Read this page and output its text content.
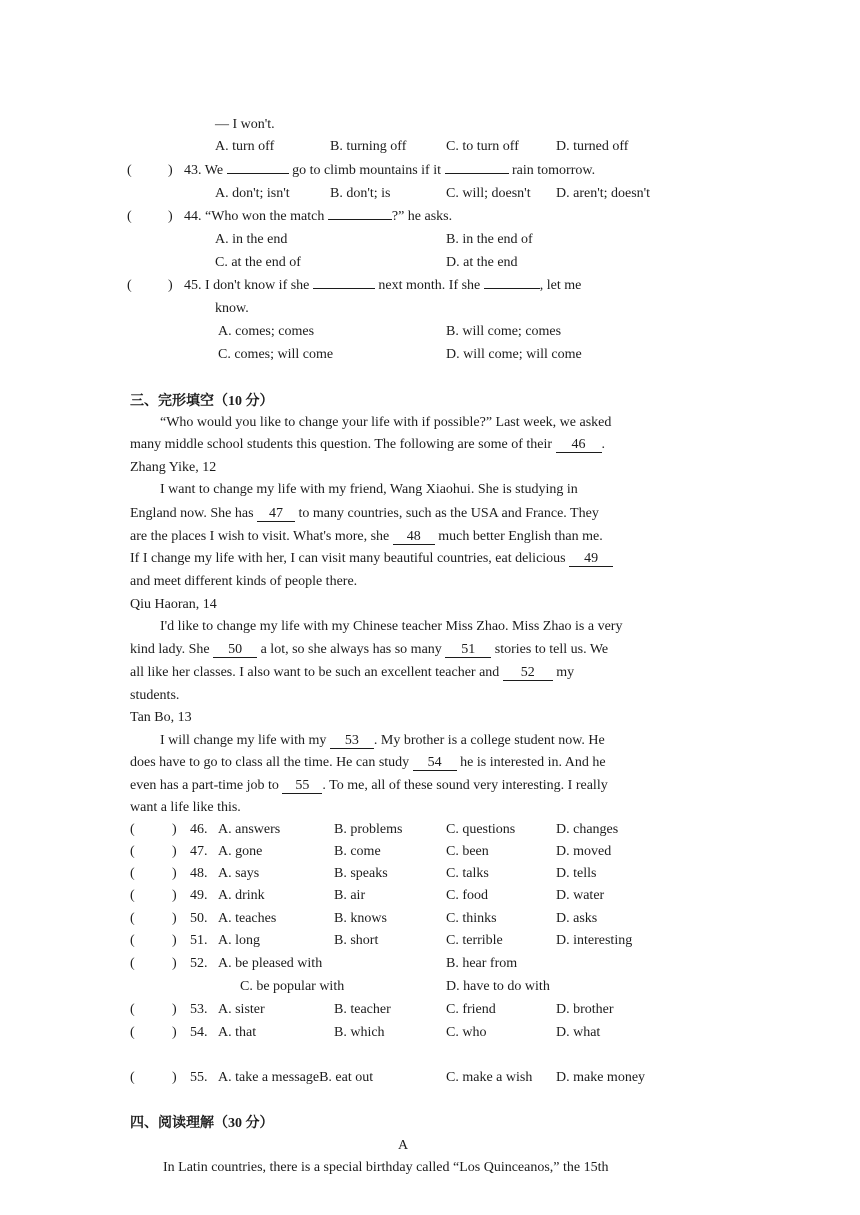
— I won't.
A. turn off	B. turning off	C. to turn off	D. turned off
(	) 43. We	go to climb mountains if it	rain tomorrow.
A. don't; isn't	B. don't; is	C. will; doesn't D. aren't; doesn't
(	) 44. “Who won the match	?” he asks.
A. in the end	B. in the end of
C. at the end of	D. at the end
(	) 45. I don't know if she	next month. If she	, let me
know.
A. comes; comes	B. will come; comes
C. comes; will come	D. will come; will come
三、完形填空（10 分）
“Who would you like to change your life with if possible?” Last week, we asked
many middle school students this question. The following are some of their 46 .
Zhang Yike, 12
I want to change my life with my friend, Wang Xiaohui. She is studying in
England now. She has 47 to many countries, such as the USA and France. They
are the places I wish to visit. What's more, she 48 much better English than me.
If I change my life with her, I can visit many beautiful countries, eat delicious 49
and meet different kinds of people there.
Qiu Haoran, 14
I'd like to change my life with my Chinese teacher Miss Zhao. Miss Zhao is a very
kind lady. She 50 a lot, so she always has so many 51 stories to tell us. We
all like her classes. I also want to be such an excellent teacher and 52 my
students.
Tan Bo, 13
I will change my life with my 53 . My brother is a college student now. He
does have to go to class all the time. He can study 54 he is interested in. And he
even has a part-time job to 55 . To me, all of these sound very interesting. I really
want a life like this.
(	) 46. A. answers	B. problems	C. questions	D. changes
(	) 47. A. gone	B. come	C. been	D. moved
(	) 48. A. says	B. speaks	C. talks	D. tells
(	) 49. A. drink	B. air	C. food	D. water
(	) 50. A. teaches	B. knows	C. thinks	D. asks
(	) 51. A. long	B. short	C. terrible	D. interesting
(	) 52. A. be pleased with	B. hear from
C. be popular with	D. have to do with
(	) 53. A. sister	B. teacher	C. friend	D. brother
(	) 54. A. that	B. which	C. who	D. what
(	) 55. A. take a messageB. eat out	C. make a wish D. make money
四、阅读理解（30 分）
A
In Latin countries, there is a special birthday called “Los Quinceanos,” the 15th
